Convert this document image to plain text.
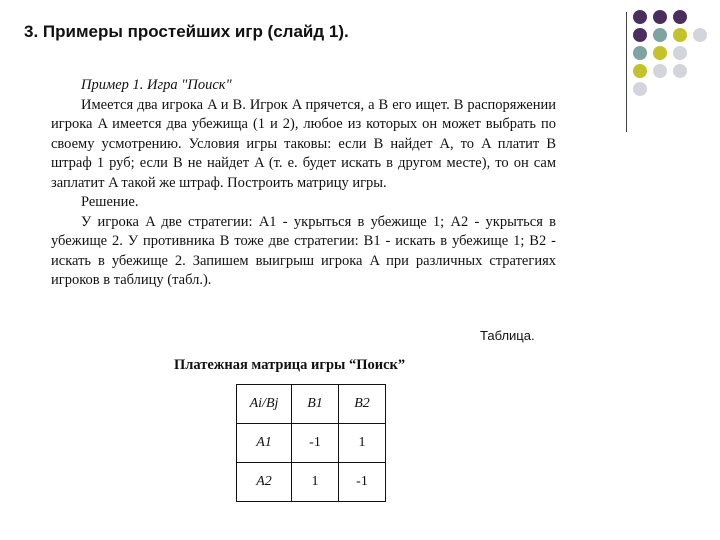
3. Примеры простейших игр (слайд 1).

Пример 1. Игра "Поиск"

Имеется два игрока A и B. Игрок A прячется, а B его ищет. В распоряжении игрока A имеется два убежища (1 и 2), любое из которых он может выбрать по своему усмотрению. Условия игры таковы: если B найдет A, то A платит B штраф 1 руб; если B не найдет A (т. е. будет искать в другом месте), то он сам заплатит A такой же штраф. Построить матрицу игры.

Решение.

У игрока A две стратегии: A1 - укрыться в убежище 1; A2 - укрыться в убежище 2. У противника B тоже две стратегии: B1 - искать в убежище 1; B2 - искать в убежище 2. Запишем выигрыш игрока A при различных стратегиях игроков в таблицу (табл.).

Таблица.
Платежная матрица игры “Поиск”
Ai/Bj	B1	B2
A1	-1	1
A2	1	-1
